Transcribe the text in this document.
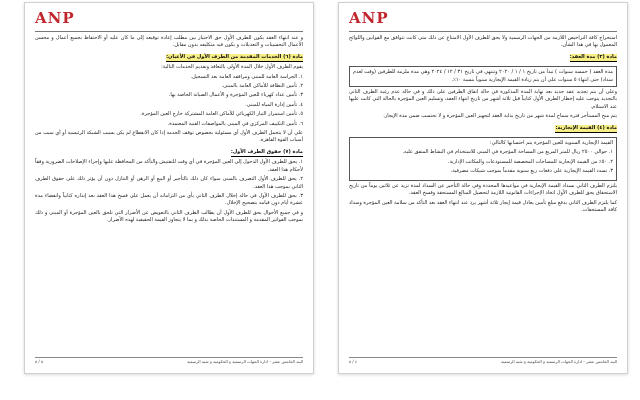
ANP

و عند انتهاء العقد بكون للطرف الأول حق الاختيار بين مطلب إعادة توقيعه إلى ما كان عليه أو الاحتفاظ بجميع أعمال و محسن الأعمال التحسينات و التعديلات و يكون فيه متكليفه بدون مقابل.

مادة (٦) الخدمات المقدمة من الطرف الأول في الأعيان:

يقوم الطرف الأول خلال المدة الأولى بالتعاقد وتقديم الخدمات التالية:

١. الحراسة العامة للمبنى ومرافقه العامة بعد التسجيل.

٢. تأمين النظافة للأماكن العامة بالمبنى.

٣. تأمين عداد كهرباء للعين المؤجرة و الأعمال الصيانة الخاصة بها.

٤. تأمين إدارة المياه للمبنى.

٥. تأمين استمرار التيار الكهربائي للأماكن العامة المشتركة خارج العين المؤجرة.

٦. تأمين التكييف المركزي في المبنى بالمواصفات الفنية المعتمدة.

علي أن لا يتحمل الطرف الأول أي مسئولية بخصوص توقف الخدمة إذا كان الانقطاع لم يكن بسبب الشبكة الرئيسية أو أي سبب من أسباب القوة القاهرة.

مادة (٧) حقوق الطرف الأول:

١. يحق للطرف الأول الدخول إلى العين المؤجرة في أي وقت للتفتيش والتأكد من المحافظة عليها وإجراء الإصلاحات الضرورية وفقاً لأحكام هذا العقد.

٢. يحق للطرف الأول التصرف بالمبنى سواء كان ذلك بالتأجير أو البيع أو الرهن أو التنازل دون أن يؤثر ذلك على حقوق الطرف الثاني بموجب هذا العقد.

٣. يحق للطرف الأول في حالة إخلال الطرف الثاني بأي من التزاماته أن يعمل على فسخ هذا العقد بعد إنذاره كتابياً وانقضاء مدة عشرة أيام دون قيامه بتصحيح الإخلال.

و في جميع الأحوال يحق للطرف الأول أن يطالب الطرف الثاني بالتعويض عن الأضرار التي تلحق بالعين المؤجرة أو المبنى و ذلك بموجب الفواتير المقدمة و المستندات الخاصة بذلك و بما لا يتجاوز القيمة الحقيقية لهذه الأضرار.

٥ / ٥	البند الخامس عشر - ادارة الجهات الرسمية و الحكومية و شبه الرسمية
ANP

استخراج كافة التراخيص اللازمة من الجهات الرسمية ولا يحق للطرف الأول الامتناع عن ذلك متى كانت تتوافق مع القوانين واللوائح المعمول بها في هذا الشأن.

مادة (٣) مدة العقد:
مدة العقد ( خمسة سنوات ) تبدأ من تاريخ ١ / ١ / ٢٠٢٠ وتنتهي في تاريخ ٣١ / ١٢ / ٢٠٢٤ وهي مدة ملزمة للطرفين (وقت لعدم سداد) حتى انتهاء ٥ سنوات على أن يتم زيادة القيمة الإيجارية سنوياً بنسبة ١٠٪.

وعلى أن يتم تجديد عقد جديد بعد نهاية المدة المذكورة في حالة اتفاق الطرفين على ذلك و في حالة عدم رغبة الطرف الثاني بالتجديد يتوجب عليه إخطار الطرف الأول كتابياً قبل ثلاثة أشهر من تاريخ انتهاء العقد، وتسليم العين المؤجرة بالحالة التي كانت عليها عند الاستلام.

يتم منح المستأجر فترة سماح لمدة شهر من تاريخ بداية العقد لتجهيز العين المؤجرة و لا تحتسب ضمن مدة الإيجار.

مادة (٤) القيمة الإيجارية:

القيمة الإيجارية السنوية للعين المؤجرة يتم احتسابها كالتالي:

١. حوالي ٢٥٠٠ ريال للمتر المربع من المساحة المؤجرة في المبنى للاستخدام في النشاط المتفق عليه.

٢. ٥٠٪ من القيمة الإيجارية للمساحات المخصصة للمستودعات والمكاتب الإدارية.

٣. تسدد القيمة الإيجارية على دفعات ربع سنوية مقدماً بموجب شيكات مصرفية.

يلتزم الطرف الثاني بسداد القيمة الإيجارية في مواعيدها المحددة وفي حالة التأخير عن السداد لمدة تزيد عن ثلاثين يوماً من تاريخ الاستحقاق يحق للطرف الأول اتخاذ الإجراءات القانونية اللازمة لتحصيل المبالغ المستحقة وفسخ العقد.

كما يلتزم الطرف الثاني بدفع مبلغ تأمين يعادل قيمة إيجار ثلاثة أشهر يرد عند انتهاء العقد بعد التأكد من سلامة العين المؤجرة وسداد كافة المستحقات.

٤ / ٥	البند الخامس عشر - ادارة الجهات الرسمية و الحكومية و شبه الرسمية
